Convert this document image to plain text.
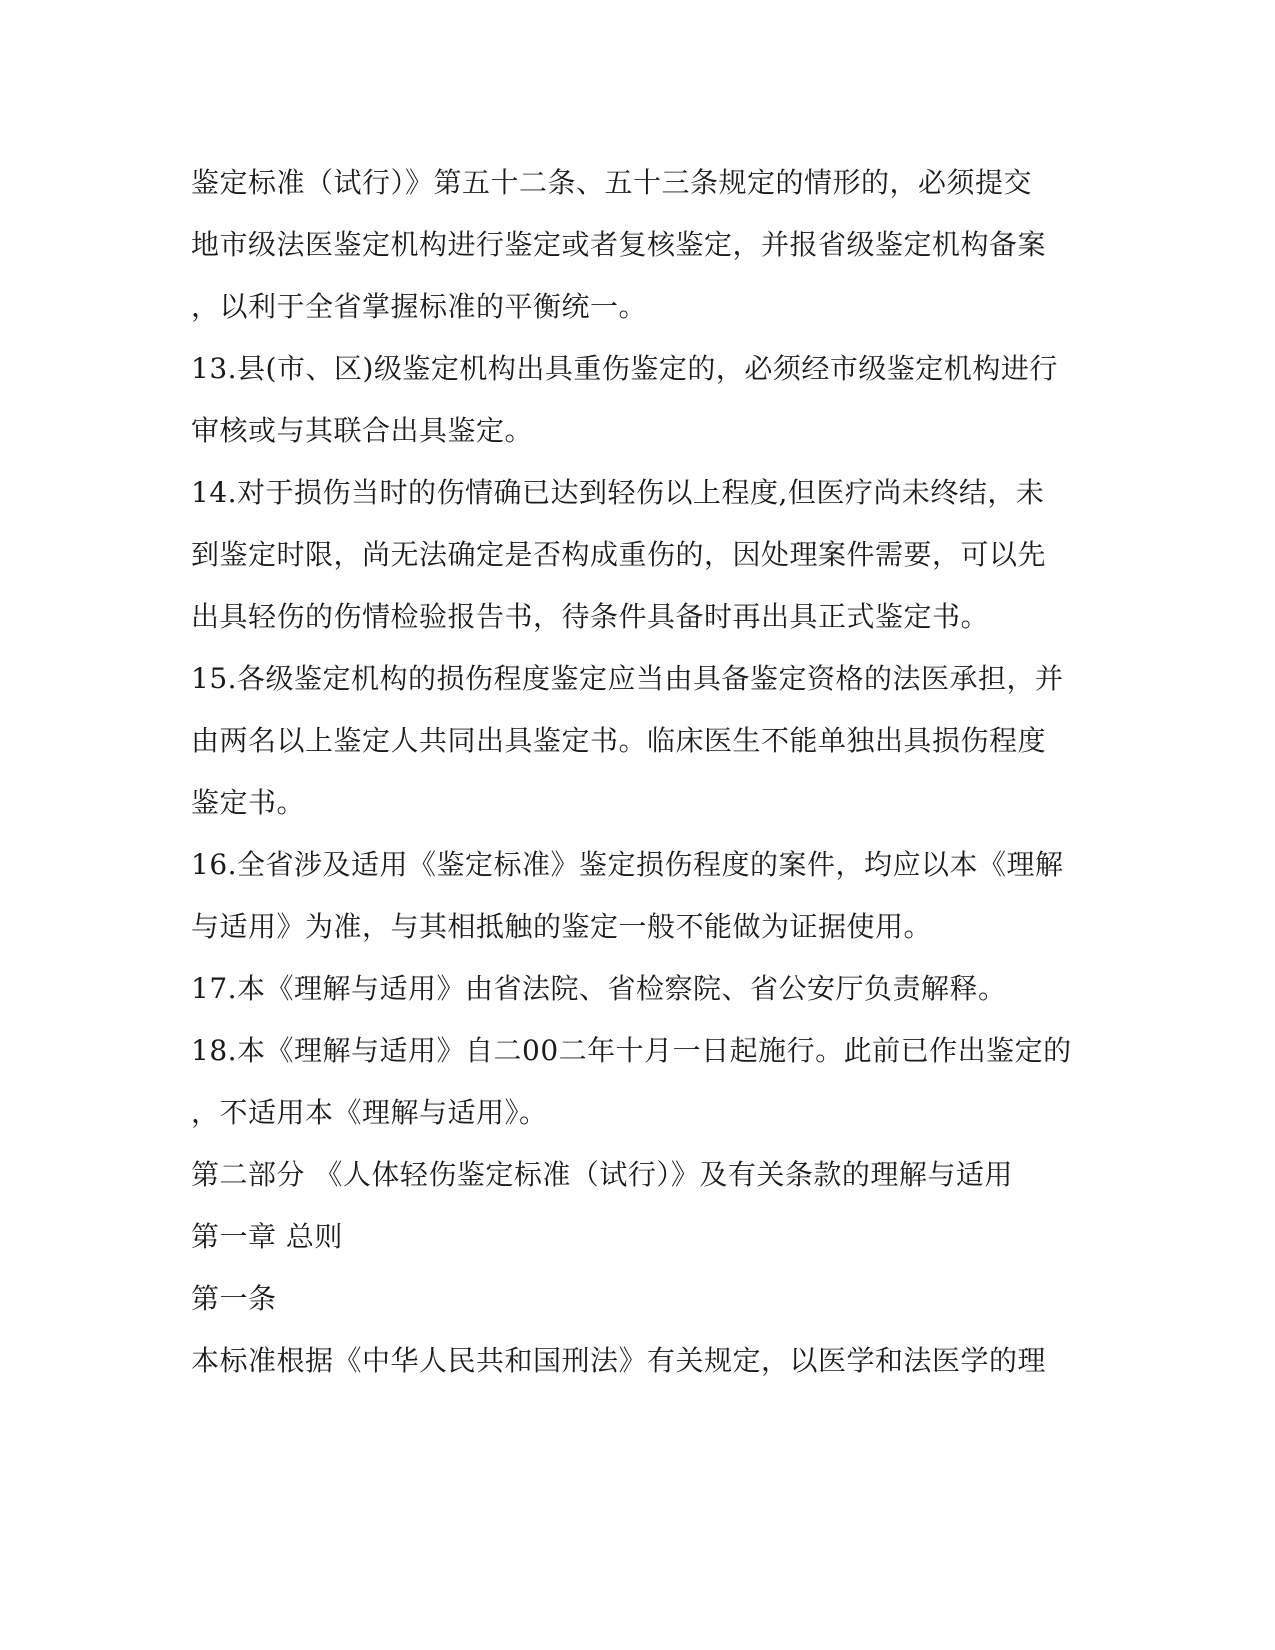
鉴定标准（试行）》第五十二条、五十三条规定的情形的，必须提交
地市级法医鉴定机构进行鉴定或者复核鉴定，并报省级鉴定机构备案
，以利于全省掌握标准的平衡统一。
13.县(市、区)级鉴定机构出具重伤鉴定的，必须经市级鉴定机构进行
审核或与其联合出具鉴定。
14.对于损伤当时的伤情确已达到轻伤以上程度,但医疗尚未终结，未
到鉴定时限，尚无法确定是否构成重伤的，因处理案件需要，可以先
出具轻伤的伤情检验报告书，待条件具备时再出具正式鉴定书。
15.各级鉴定机构的损伤程度鉴定应当由具备鉴定资格的法医承担，并
由两名以上鉴定人共同出具鉴定书。临床医生不能单独出具损伤程度
鉴定书。
16.全省涉及适用《鉴定标准》鉴定损伤程度的案件，均应以本《理解
与适用》为准，与其相抵触的鉴定一般不能做为证据使用。
17.本《理解与适用》由省法院、省检察院、省公安厅负责解释。
18.本《理解与适用》自二00二年十月一日起施行。此前已作出鉴定的
，不适用本《理解与适用》。
第二部分 《人体轻伤鉴定标准（试行）》及有关条款的理解与适用
第一章 总则
第一条
本标准根据《中华人民共和国刑法》有关规定，以医学和法医学的理
